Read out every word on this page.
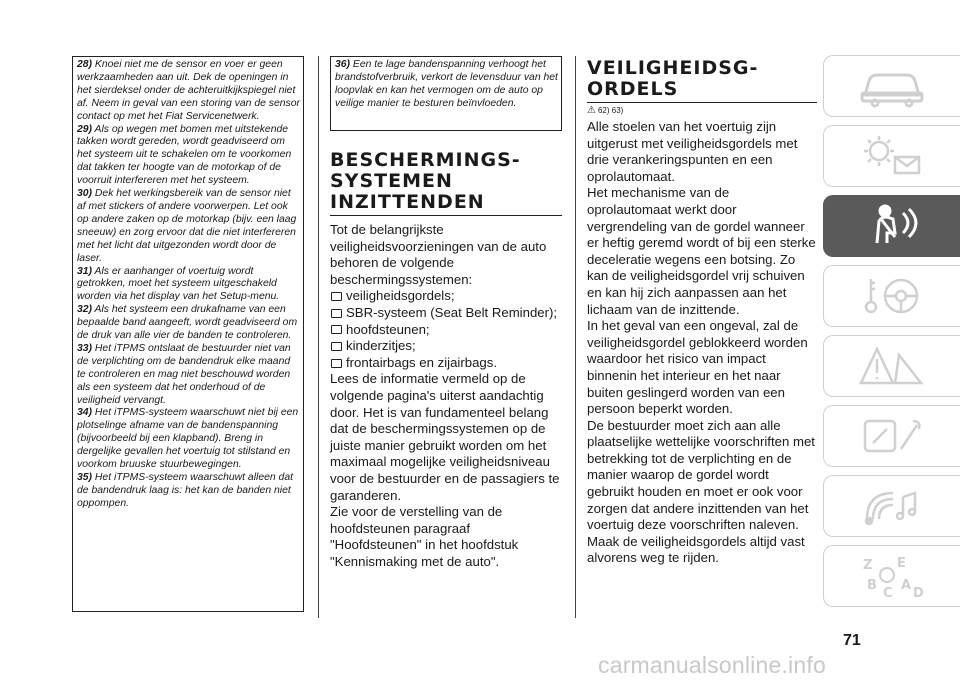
28) Knoei niet me de sensor en voer er geen werkzaamheden aan uit. Dek de openingen in het sierdeksel onder de achteruitkijkspiegel niet af. Neem in geval van een storing van de sensor contact op met het Fiat Servicenetwerk.

29) Als op wegen met bomen met uitstekende takken wordt gereden, wordt geadviseerd om het systeem uit te schakelen om te voorkomen dat takken ter hoogte van de motorkap of de voorruit interfereren met het systeem.

30) Dek het werkingsbereik van de sensor niet af met stickers of andere voorwerpen. Let ook op andere zaken op de motorkap (bijv. een laag sneeuw) en zorg ervoor dat die niet interfereren met het licht dat uitgezonden wordt door de laser.

31) Als er aanhanger of voertuig wordt getrokken, moet het systeem uitgeschakeld worden via het display van het Setup-menu.

32) Als het systeem een drukafname van een bepaalde band aangeeft, wordt geadviseerd om de druk van alle vier de banden te controleren.

33) Het iTPMS ontslaat de bestuurder niet van de verplichting om de bandendruk elke maand te controleren en mag niet beschouwd worden als een systeem dat het onderhoud of de veiligheid vervangt.

34) Het iTPMS-systeem waarschuwt niet bij een plotselinge afname van de bandenspanning (bijvoorbeeld bij een klapband). Breng in dergelijke gevallen het voertuig tot stilstand en voorkom bruuske stuurbewegingen.

35) Het iTPMS-systeem waarschuwt alleen dat de bandendruk laag is: het kan de banden niet oppompen.

36) Een te lage bandenspanning verhoogt het brandstofverbruik, verkort de levensduur van het loopvlak en kan het vermogen om de auto op veilige manier te besturen beïnvloeden.

BESCHERMINGS-
SYSTEMEN
INZITTENDEN

Tot de belangrijkste veiligheidsvoorzieningen van de auto behoren de volgende beschermingssystemen:

veiligheidsgordels;
SBR-systeem (Seat Belt Reminder);
hoofdsteunen;
kinderzitjes;
frontairbags en zijairbags.

Lees de informatie vermeld op de volgende pagina's uiterst aandachtig door. Het is van fundamenteel belang dat de beschermingssystemen op de juiste manier gebruikt worden om het maximaal mogelijke veiligheidsniveau voor de bestuurder en de passagiers te garanderen.

Zie voor de verstelling van de hoofdsteunen paragraaf "Hoofdsteunen" in het hoofdstuk "Kennismaking met de auto".

VEILIGHEIDSG-
ORDELS
⚠ 62) 63)

Alle stoelen van het voertuig zijn uitgerust met veiligheidsgordels met drie verankeringspunten en een oprolautomaat.

Het mechanisme van de oprolautomaat werkt door vergrendeling van de gordel wanneer er heftig geremd wordt of bij een sterke deceleratie wegens een botsing. Zo kan de veiligheidsgordel vrij schuiven en kan hij zich aanpassen aan het lichaam van de inzittende.

In het geval van een ongeval, zal de veiligheidsgordel geblokkeerd worden waardoor het risico van impact binnenin het interieur en het naar buiten geslingerd worden van een persoon beperkt worden.

De bestuurder moet zich aan alle plaatselijke wettelijke voorschriften met betrekking tot de verplichting en de manier waarop de gordel wordt gebruikt houden en moet er ook voor zorgen dat andere inzittenden van het voertuig deze voorschriften naleven.

Maak de veiligheidsgordels altijd vast alvorens weg te rijden.

Z E
B
C
A
D
71
carmanualsonline.info
